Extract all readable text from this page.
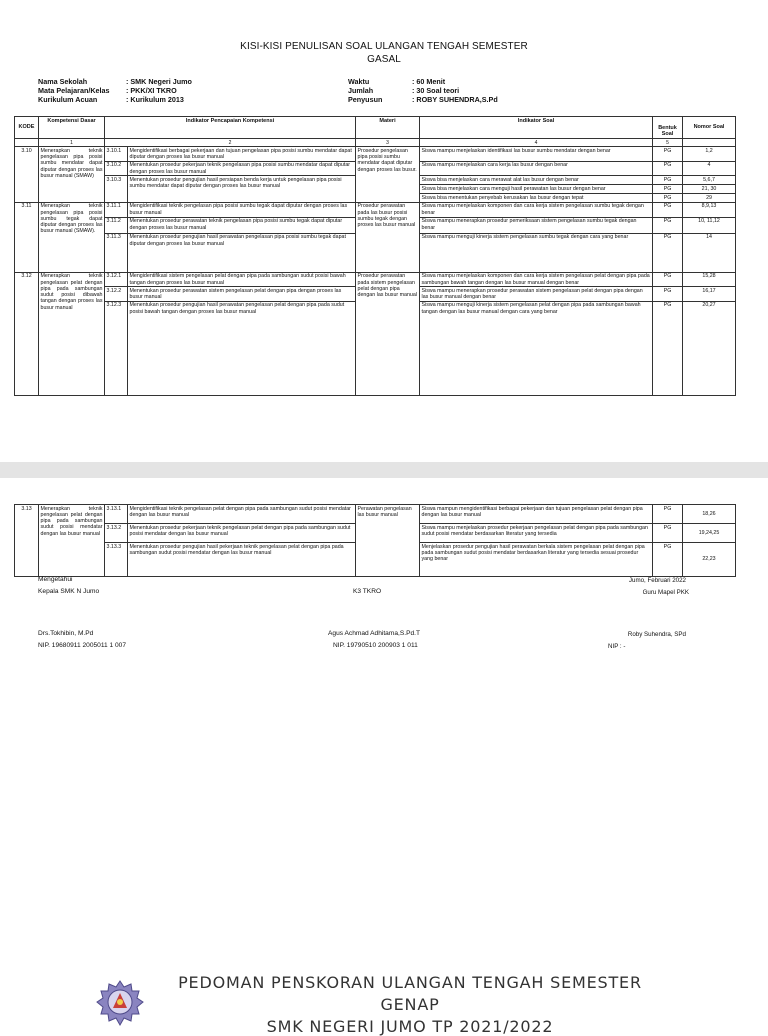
KISI-KISI PENULISAN SOAL ULANGAN TENGAH SEMESTER
GASAL
Nama Sekolah	: SMK Negeri Jumo
Mata Pelajaran/Kelas : PKK/XI TKRO
Kurikulum Acuan	: Kurikulum 2013
Waktu	: 60 Menit
Jumlah	: 30 Soal teori
Penyusun	: ROBY SUHENDRA,S.Pd
KODE	Kompetensi Dasar	Indikator Pencapaian Kompetensi		Materi	Indikator Soal	Bentuk Soal	Nomor Soal
	1	2		3	4	5	
3.10	Menerapkan teknik pengelasan pipa posisi sumbu mendatar dapat diputar dengan proses las busur manual (SMAW)	3.10.1	Mengidentifikasi berbagai pekerjaan dan tujuan pengelasan pipa posisi sumbu mendatar dapat diputar dengan proses las busur manual	Prosedur pengelasan pipa posisi sumbu mendatar dapat diputar dengan proses las busur.	Siswa mampu menjelaskan identifikasi las busur sumbu mendatar dengan benar	PG	1,2
		3.10.2	Menentukan prosedur pekerjaan teknik pengelasan pipa posisi sumbu mendatar dapat diputar dengan proses las busur manual		Siswa mampu menjelaskan cara kerja las busur dengan benar	PG	4
		3.10.3	Menentukan prosedur pengujian hasil persiapan benda kerja untuk pengelasan pipa posisi sumbu mendatar dapat diputar dengan proses las busur manual		Siswa bisa menjelaskan cara merawat alat las busur dengan benar	PG	5,6,7
					Siswa bisa menjelaskan cara menguji hasil perawatan las busur dengan benar	PG	21, 30
					Siswa bisa menentukan penyebab kerusakan las busur dengan tepat	PG	29
3.11	Menerapkan teknik pengelasan pipa posisi sumbu tegak dapat diputar dengan proses las busur manual (SMAW).	3.11.1	Mengidentifikasi teknik pengelasan pipa posisi sumbu tegak dapat diputar dengan proses las busur manual	Prosedur perawatan pada las busur posisi sumbu tegak dengan proses las busur manual	Siswa mampu menjelaskan komponen dan cara kerja sistem pengelasan sumbu tegak dengan benar	PG	8,9,13
		3.11.2	Menentukan prosedur perawatan teknik pengelasan pipa posisi sumbu tegak dapat diputar dengan proses las busur manual		Siswa mampu menerapkan prosedur pemeriksaan sistem pengelasan sumbu tegak dengan benar	PG	10, 11,12
		3.11.3	Menentukan prosedur pengujian hasil perawatan pengelasan pipa posisi sumbu tegak dapat diputar dengan proses las busur manual		Siswa mampu menguji kinerja sistem pengelasan sumbu tegak dengan cara yang benar	PG	14
3.12	Menerapkan teknik pengelasan pelat dengan pipa pada sambungan sudut posisi dibawah tangan dengan proses las busur manual	3.12.1	Mengidentifikasi sistem pengelasan pelat dengan pipa pada sambungan sudut posisi bawah tangan dengan proses las busur manual	Prosedur perawatan pada sistem pengelasan pelat dengan pipa dengan las busur manual	Siswa mampu menjelaskan komponen dan cara kerja sistem pengelasan pelat dengan pipa pada sambungan bawah tangan dengan las busur manual dengan benar	PG	15,28
		3.12.2	Menentukan prosedur perawatan sistem pengelasan pelat dengan pipa dengan proses las busur manual		Siswa mampu menerapkan prosedur perawatan sistem pengelasan pelat dengan pipa dengan las busur manual dengan benar	PG	16,17
		3.12.3	Menentukan prosedur pengujian hasil perawatan pengelasan pelat dengan pipa pada sudut posisi bawah tangan dengan proses las busur manual		Siswa mampu menguji kinerja sistem pengelasan pelat dengan pipa pada sambungan bawah tangan dengan las busur manual dengan cara yang benar	PG	20,27
3.13	Menerapkan teknik pengelasan pelat dengan pipa pada sambungan sudut posisi mendatar dengan las busur manual	3.13.1	Mengidentifikasi teknik pengelasan pelat dengan pipa pada sambungan sudut posisi mendatar dengan las busur manual	Perawatan pengelasan las busur manual	Siswa mampun mengidentifikasi berbagai pekerjaan dan tujuan pengelasan pelat dengan pipa dengan las busur manual	PG	18,26
		3.13.2	Menentukan prosedur pekerjaan teknik pengelasan pelat dengan pipa pada sambungan sudut posisi mendatar dengan las busur manual		Siswa mampu menjelaskan prosedur pekerjaan pengelasan pelat dengan pipa pada sambungan sudut posisi mendatar berdasarkan literatur yang tersedia	PG	19,24,25
		3.13.3	Menentukan prosedur pengujian hasil pekerjaan teknik pengelasan pelat dengan pipa pada sambungan sudut posisi mendatar dengan las busur manual		Menjelaskan prosedur pengujian hasil perawatan berkala sistem pengelasan pelat dengan pipa pada sambungan sudut posisi mendatar berdasarkan literatur yang tersedia sesuai prosedur yang benar	PG	22,23
Mengetahui
Kepala SMK N Jumo	K3 TKRO
Jumo, Februari 2022
Guru Mapel PKK
Drs.Tokhibin, M.Pd
NIP. 19680911 2005011 1 007
Agus Achmad Adhitama,S.Pd.T
NIP. 19790510 200903 1 011
Roby Suhendra, SPd
NIP : -
PEDOMAN PENSKORAN ULANGAN TENGAH SEMESTER
GENAP
SMK NEGERI JUMO TP 2021/2022
